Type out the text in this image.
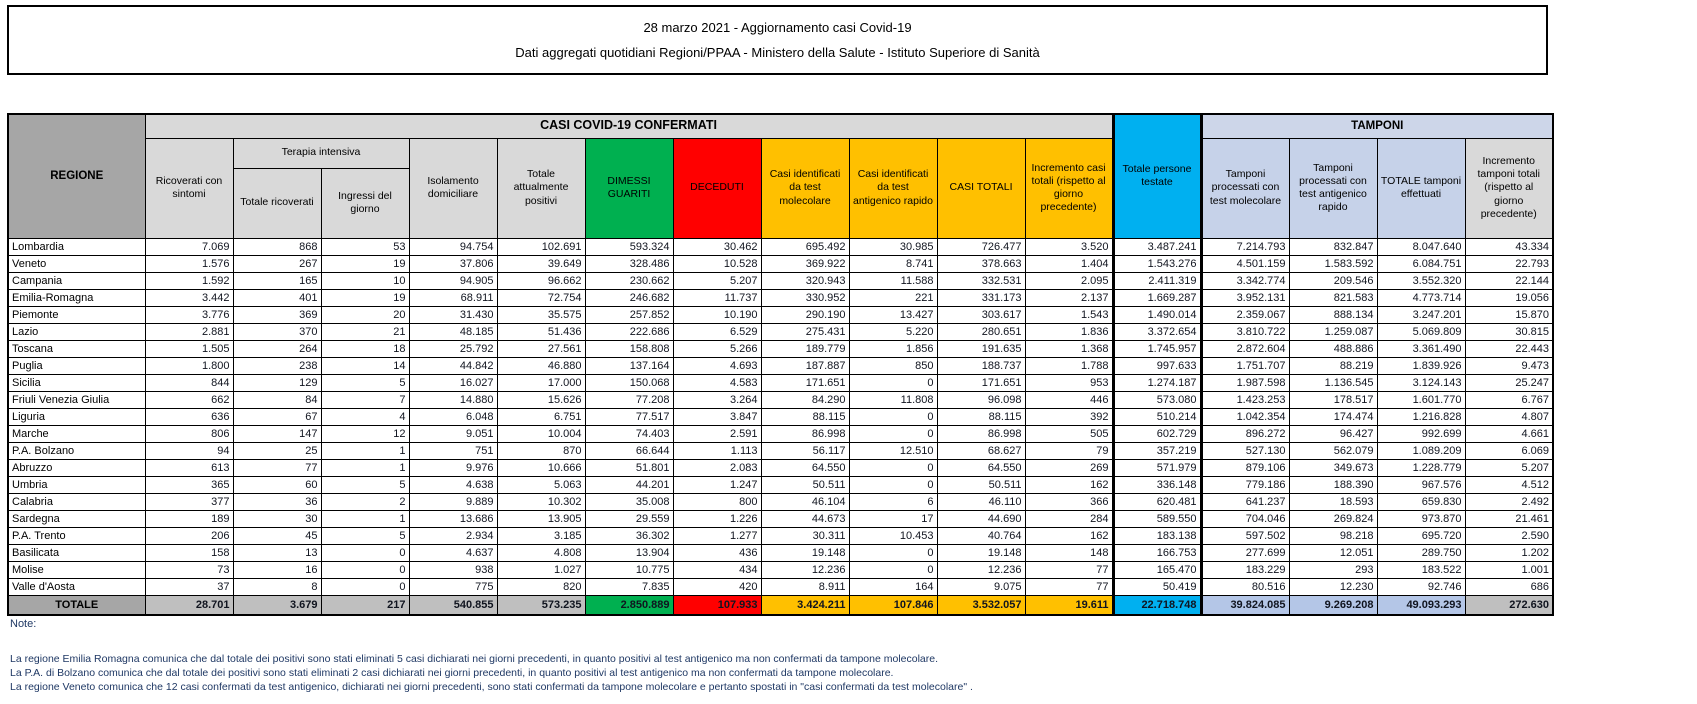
28 marzo 2021 - Aggiornamento casi Covid-19
Dati aggregati quotidiani Regioni/PPAA - Ministero della Salute - Istituto Superiore di Sanità
REGIONE	CASI COVID-19 CONFERMATI											Totale persone testate	TAMPONI			
	Ricoverati con sintomi	Terapia intensiva		Isolamento domiciliare	Totale attualmente positivi	DIMESSI GUARITI	DECEDUTI	Casi identificati da test molecolare	Casi identificati da test antigenico rapido	CASI TOTALI	Incremento casi totali (rispetto al giorno precedente)		Tamponi processati con test molecolare	Tamponi processati con test antigenico rapido	TOTALE tamponi effettuati	Incremento tamponi totali (rispetto al giorno precedente)
		Totale ricoverati	Ingressi del giorno													
Lombardia	7.069	868	53	94.754	102.691	593.324	30.462	695.492	30.985	726.477	3.520	3.487.241	7.214.793	832.847	8.047.640	43.334
Veneto	1.576	267	19	37.806	39.649	328.486	10.528	369.922	8.741	378.663	1.404	1.543.276	4.501.159	1.583.592	6.084.751	22.793
Campania	1.592	165	10	94.905	96.662	230.662	5.207	320.943	11.588	332.531	2.095	2.411.319	3.342.774	209.546	3.552.320	22.144
Emilia-Romagna	3.442	401	19	68.911	72.754	246.682	11.737	330.952	221	331.173	2.137	1.669.287	3.952.131	821.583	4.773.714	19.056
Piemonte	3.776	369	20	31.430	35.575	257.852	10.190	290.190	13.427	303.617	1.543	1.490.014	2.359.067	888.134	3.247.201	15.870
Lazio	2.881	370	21	48.185	51.436	222.686	6.529	275.431	5.220	280.651	1.836	3.372.654	3.810.722	1.259.087	5.069.809	30.815
Toscana	1.505	264	18	25.792	27.561	158.808	5.266	189.779	1.856	191.635	1.368	1.745.957	2.872.604	488.886	3.361.490	22.443
Puglia	1.800	238	14	44.842	46.880	137.164	4.693	187.887	850	188.737	1.788	997.633	1.751.707	88.219	1.839.926	9.473
Sicilia	844	129	5	16.027	17.000	150.068	4.583	171.651	0	171.651	953	1.274.187	1.987.598	1.136.545	3.124.143	25.247
Friuli Venezia Giulia	662	84	7	14.880	15.626	77.208	3.264	84.290	11.808	96.098	446	573.080	1.423.253	178.517	1.601.770	6.767
Liguria	636	67	4	6.048	6.751	77.517	3.847	88.115	0	88.115	392	510.214	1.042.354	174.474	1.216.828	4.807
Marche	806	147	12	9.051	10.004	74.403	2.591	86.998	0	86.998	505	602.729	896.272	96.427	992.699	4.661
P.A. Bolzano	94	25	1	751	870	66.644	1.113	56.117	12.510	68.627	79	357.219	527.130	562.079	1.089.209	6.069
Abruzzo	613	77	1	9.976	10.666	51.801	2.083	64.550	0	64.550	269	571.979	879.106	349.673	1.228.779	5.207
Umbria	365	60	5	4.638	5.063	44.201	1.247	50.511	0	50.511	162	336.148	779.186	188.390	967.576	4.512
Calabria	377	36	2	9.889	10.302	35.008	800	46.104	6	46.110	366	620.481	641.237	18.593	659.830	2.492
Sardegna	189	30	1	13.686	13.905	29.559	1.226	44.673	17	44.690	284	589.550	704.046	269.824	973.870	21.461
P.A. Trento	206	45	5	2.934	3.185	36.302	1.277	30.311	10.453	40.764	162	183.138	597.502	98.218	695.720	2.590
Basilicata	158	13	0	4.637	4.808	13.904	436	19.148	0	19.148	148	166.753	277.699	12.051	289.750	1.202
Molise	73	16	0	938	1.027	10.775	434	12.236	0	12.236	77	165.470	183.229	293	183.522	1.001
Valle d'Aosta	37	8	0	775	820	7.835	420	8.911	164	9.075	77	50.419	80.516	12.230	92.746	686
TOTALE	28.701	3.679	217	540.855	573.235	2.850.889	107.933	3.424.211	107.846	3.532.057	19.611	22.718.748	39.824.085	9.269.208	49.093.293	272.630

Note:

La regione Emilia Romagna comunica che dal totale dei positivi sono stati eliminati 5 casi dichiarati nei giorni precedenti, in quanto positivi al test antigenico ma non confermati da tampone molecolare.

La P.A. di Bolzano comunica che dal totale dei positivi sono stati eliminati 2 casi dichiarati nei giorni precedenti, in quanto positivi al test antigenico ma non confermati da tampone molecolare.

La regione Veneto comunica che 12 casi confermati da test antigenico, dichiarati nei giorni precedenti, sono stati confermati da tampone molecolare e pertanto spostati in "casi confermati da test molecolare" .
